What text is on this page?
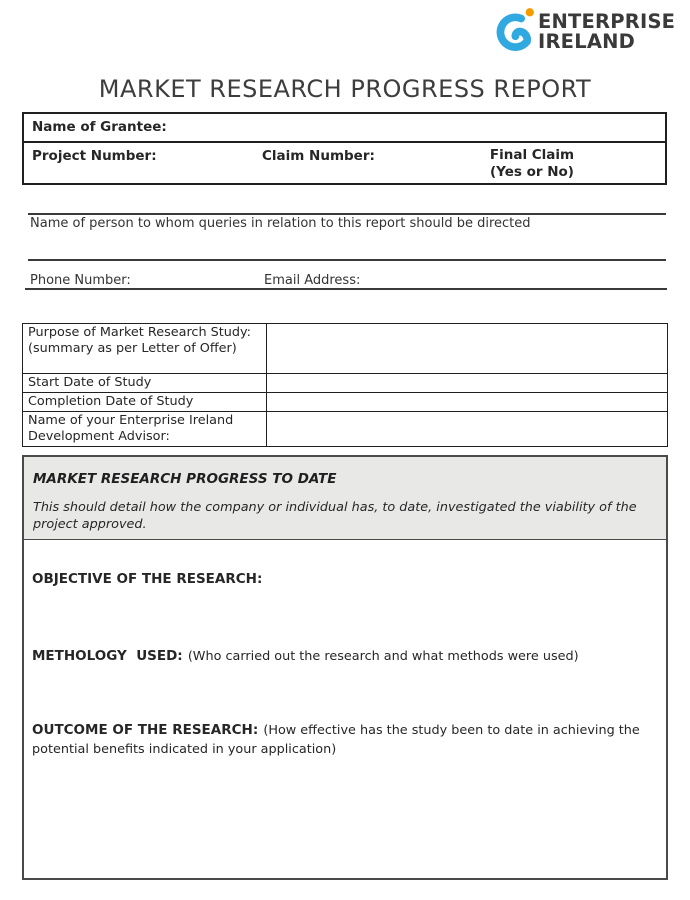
ENTERPRISE
IRELAND
MARKET RESEARCH PROGRESS REPORT
Name of Grantee:
Project Number:	Claim Number:	Final Claim
(Yes or No)
Name of person to whom queries in relation to this report should be directed
Phone Number:	Email Address:
Purpose of Market Research Study:
(summary as per Letter of Offer)	
Start Date of Study	
Completion Date of Study	
Name of your Enterprise Ireland Development Advisor:	
MARKET RESEARCH PROGRESS TO DATE
This should detail how the company or individual has, to date, investigated the viability of the project approved.
OBJECTIVE OF THE RESEARCH:
METHOLOGY  USED: (Who carried out the research and what methods were used)
OUTCOME OF THE RESEARCH: (How effective has the study been to date in achieving the potential benefits indicated in your application)
